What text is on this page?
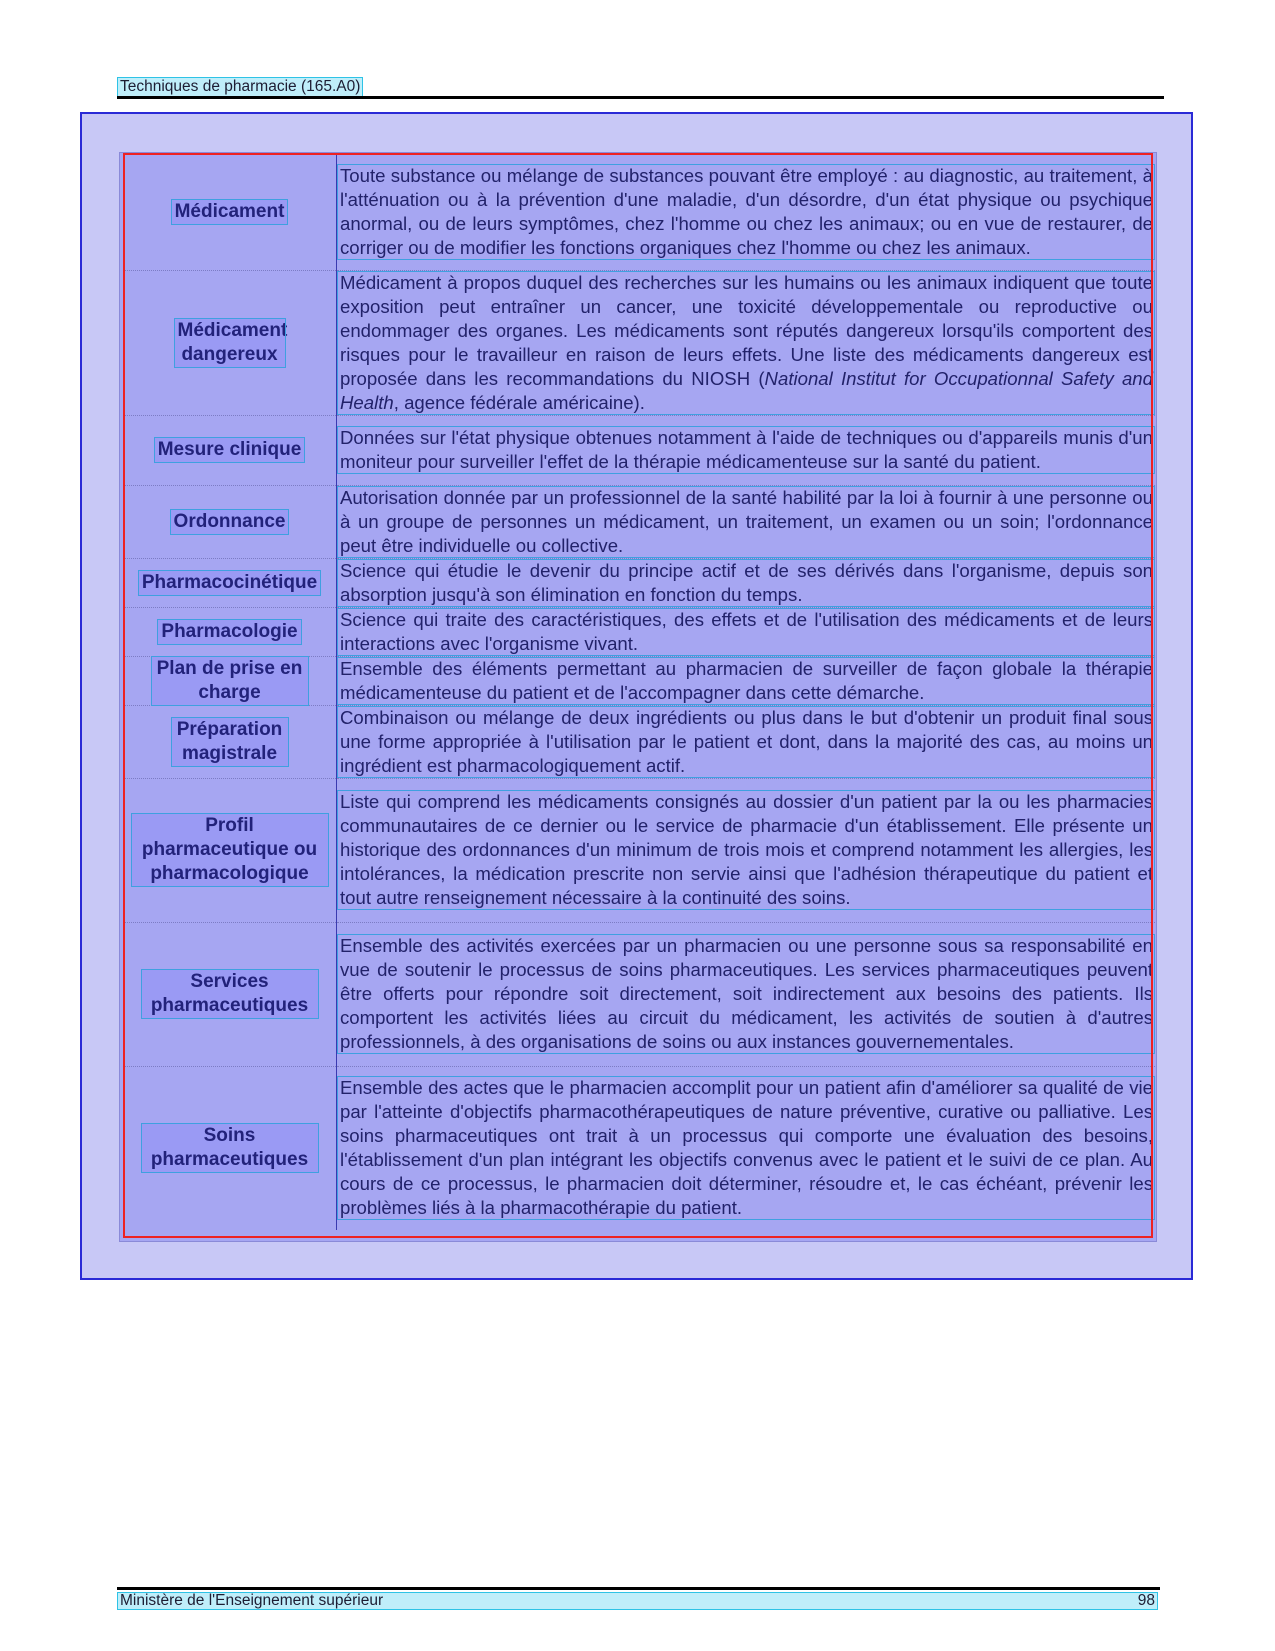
Techniques de pharmacie (165.A0)
Médicament	Toute substance ou mélange de substances pouvant être employé : au diagnostic, au traitement, à l'atténuation ou à la prévention d'une maladie, d'un désordre, d'un état physique ou psychique anormal, ou de leurs symptômes, chez l'homme ou chez les animaux; ou en vue de restaurer, de corriger ou de modifier les fonctions organiques chez l'homme ou chez les animaux.

Médicament dangereux	Médicament à propos duquel des recherches sur les humains ou les animaux indiquent que toute exposition peut entraîner un cancer, une toxicité développementale ou reproductive ou endommager des organes. Les médicaments sont réputés dangereux lorsqu'ils comportent des risques pour le travailleur en raison de leurs effets. Une liste des médicaments dangereux est proposée dans les recommandations du NIOSH (National Institut for Occupationnal Safety and Health, agence fédérale américaine).

Mesure clinique	Données sur l'état physique obtenues notamment à l'aide de techniques ou d'appareils munis d'un moniteur pour surveiller l'effet de la thérapie médicamenteuse sur la santé du patient.

Ordonnance	Autorisation donnée par un professionnel de la santé habilité par la loi à fournir à une personne ou à un groupe de personnes un médicament, un traitement, un examen ou un soin; l'ordonnance peut être individuelle ou collective.

Pharmacocinétique	Science qui étudie le devenir du principe actif et de ses dérivés dans l'organisme, depuis son absorption jusqu'à son élimination en fonction du temps.

Pharmacologie	Science qui traite des caractéristiques, des effets et de l'utilisation des médicaments et de leurs interactions avec l'organisme vivant.

Plan de prise en charge	Ensemble des éléments permettant au pharmacien de surveiller de façon globale la thérapie médicamenteuse du patient et de l'accompagner dans cette démarche.

Préparation magistrale	Combinaison ou mélange de deux ingrédients ou plus dans le but d'obtenir un produit final sous une forme appropriée à l'utilisation par le patient et dont, dans la majorité des cas, au moins un ingrédient est pharmacologiquement actif.

Profil pharmaceutique ou pharmacologique	Liste qui comprend les médicaments consignés au dossier d'un patient par la ou les pharmacies communautaires de ce dernier ou le service de pharmacie d'un établissement. Elle présente un historique des ordonnances d'un minimum de trois mois et comprend notamment les allergies, les intolérances, la médication prescrite non servie ainsi que l'adhésion thérapeutique du patient et tout autre renseignement nécessaire à la continuité des soins.

Services pharmaceutiques	Ensemble des activités exercées par un pharmacien ou une personne sous sa responsabilité en vue de soutenir le processus de soins pharmaceutiques. Les services pharmaceutiques peuvent être offerts pour répondre soit directement, soit indirectement aux besoins des patients. Ils comportent les activités liées au circuit du médicament, les activités de soutien à d'autres professionnels, à des organisations de soins ou aux instances gouvernementales.

Soins pharmaceutiques	Ensemble des actes que le pharmacien accomplit pour un patient afin d'améliorer sa qualité de vie par l'atteinte d'objectifs pharmacothérapeutiques de nature préventive, curative ou palliative. Les soins pharmaceutiques ont trait à un processus qui comporte une évaluation des besoins, l'établissement d'un plan intégrant les objectifs convenus avec le patient et le suivi de ce plan. Au cours de ce processus, le pharmacien doit déterminer, résoudre et, le cas échéant, prévenir les problèmes liés à la pharmacothérapie du patient.
Ministère de l'Enseignement supérieur	98
